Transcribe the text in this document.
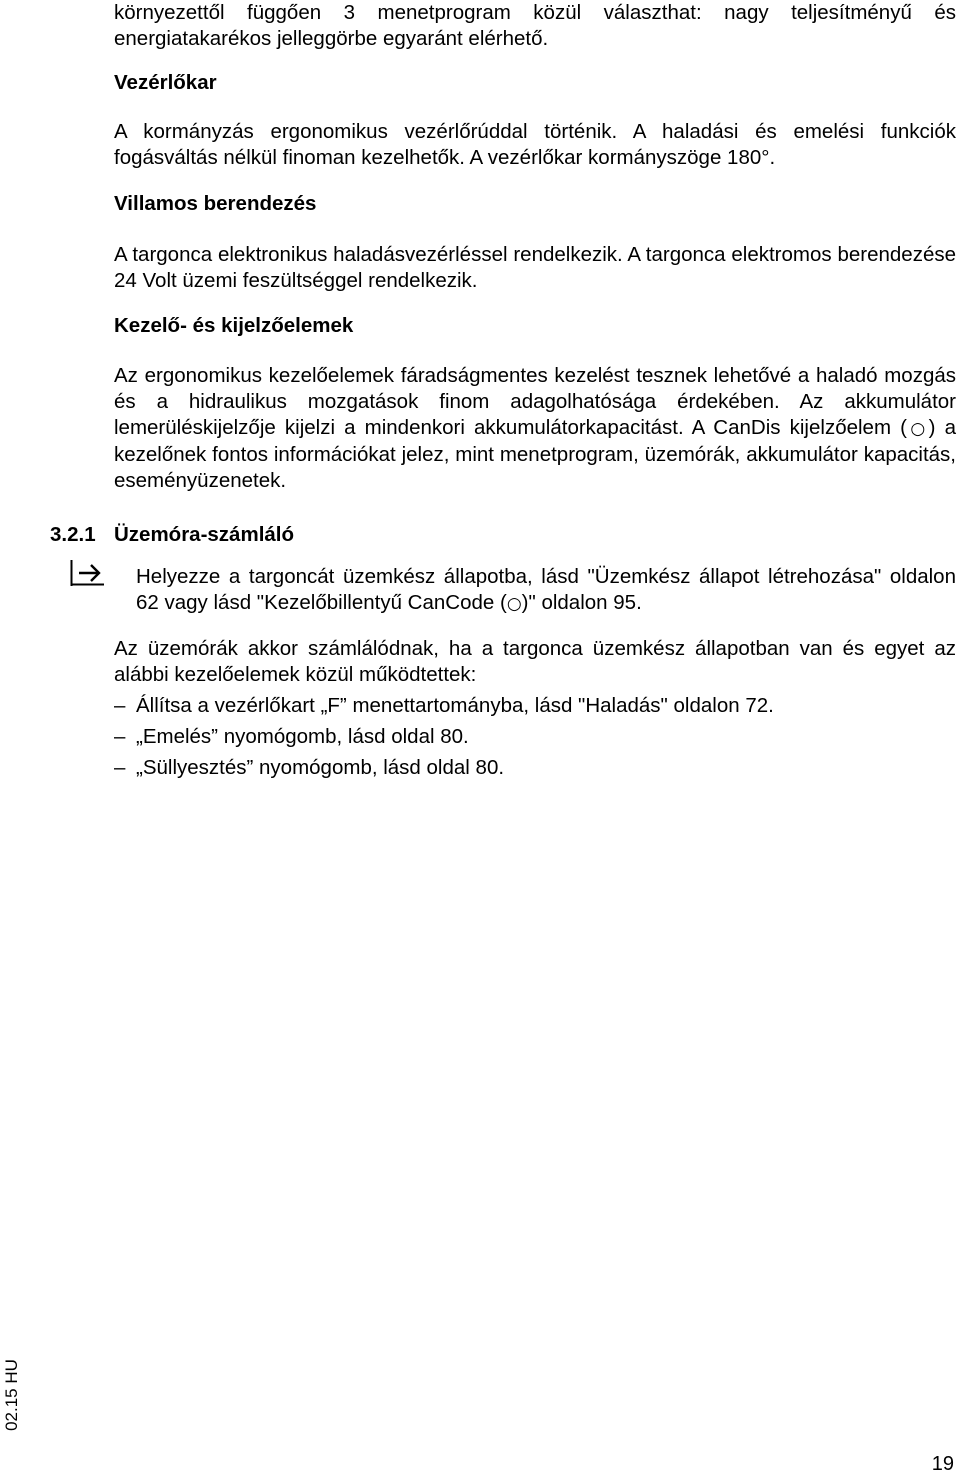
környezettől függően 3 menetprogram közül választhat: nagy teljesítményű és energiatakarékos jelleggörbe egyaránt elérhető.

Vezérlőkar

A kormányzás ergonomikus vezérlőrúddal történik. A haladási és emelési funkciók fogásváltás nélkül finoman kezelhetők. A vezérlőkar kormányszöge 180°.

Villamos berendezés

A targonca elektronikus haladásvezérléssel rendelkezik. A targonca elektromos berendezése 24 Volt üzemi feszültséggel rendelkezik.

Kezelő- és kijelzőelemek

Az ergonomikus kezelőelemek fáradságmentes kezelést tesznek lehetővé a haladó mozgás és a hidraulikus mozgatások finom adagolhatósága érdekében. Az akkumulátor lemerüléskijelzője kijelzi a mindenkori akkumulátorkapacitást. A CanDis kijelzőelem (○) a kezelőnek fontos információkat jelez, mint menetprogram, üzemórák, akkumulátor kapacitás, eseményüzenetek.

3.2.1 Üzemóra-számláló

Helyezze a targoncát üzemkész állapotba, lásd "Üzemkész állapot létrehozása" oldalon 62 vagy lásd "Kezelőbillentyű CanCode (○)" oldalon 95.

Az üzemórák akkor számlálódnak, ha a targonca üzemkész állapotban van és egyet az alábbi kezelőelemek közül működtettek:

– Állítsa a vezérlőkart „F” menettartományba, lásd "Haladás" oldalon 72.
– „Emelés” nyomógomb, lásd oldal 80.
– „Süllyesztés” nyomógomb, lásd oldal 80.
02.15 HU
19
